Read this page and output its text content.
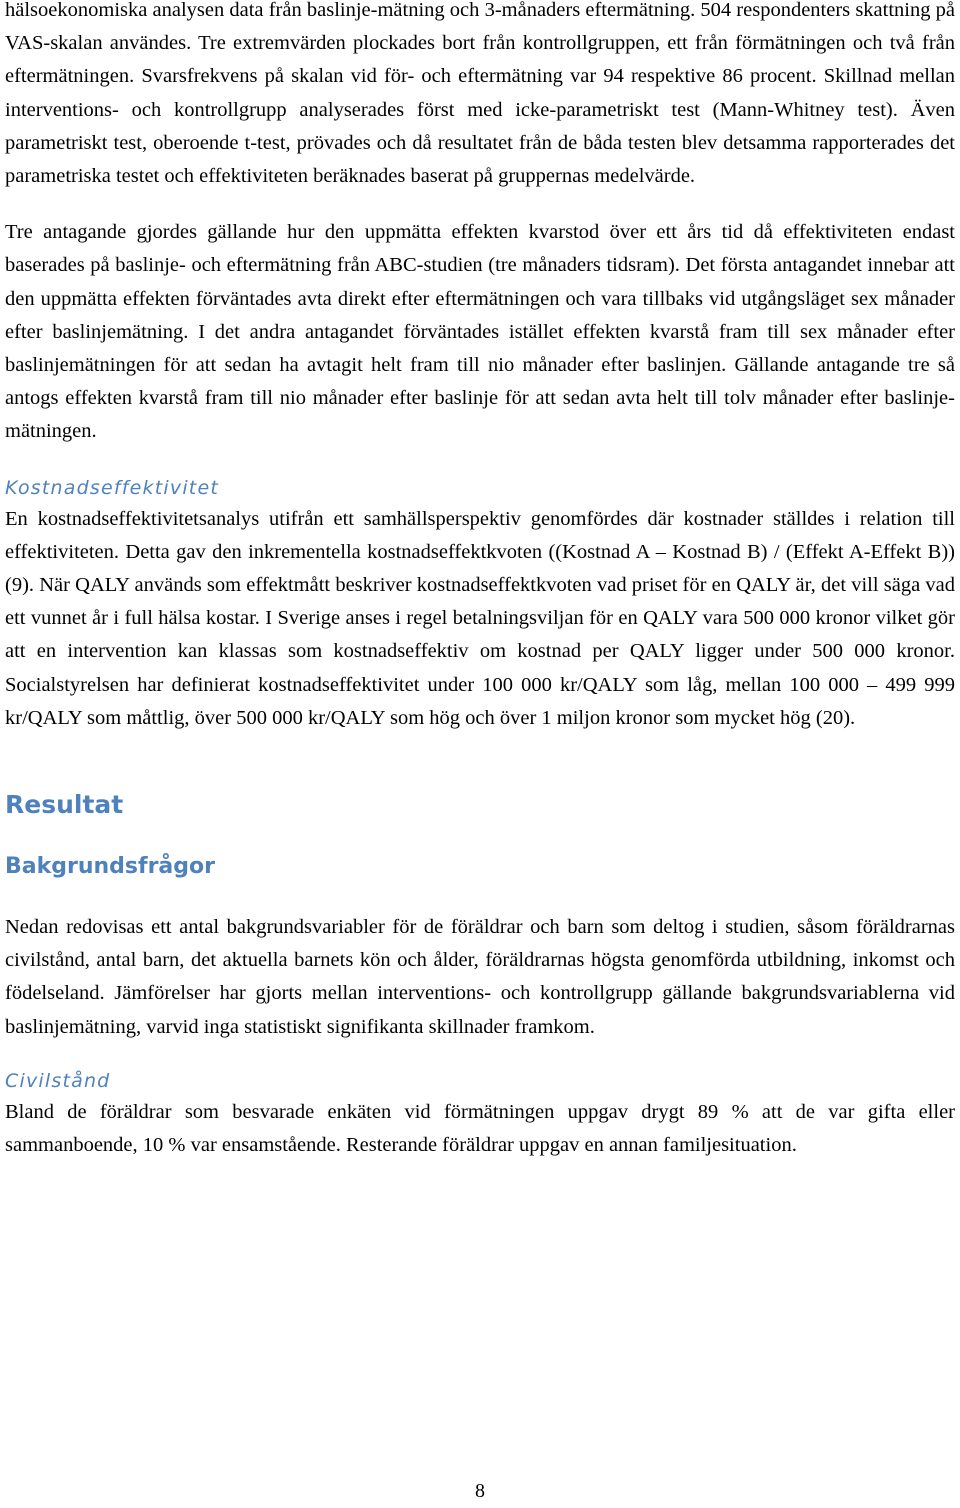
hälsoekonomiska analysen data från baslinje-mätning och 3-månaders eftermätning. 504 respondenters skattning på VAS-skalan användes. Tre extremvärden plockades bort från kontrollgruppen, ett från förmätningen och två från eftermätningen. Svarsfrekvens på skalan vid för- och eftermätning var 94 respektive 86 procent. Skillnad mellan interventions- och kontrollgrupp analyserades först med icke-parametriskt test (Mann-Whitney test). Även parametriskt test, oberoende t-test, prövades och då resultatet från de båda testen blev detsamma rapporterades det parametriska testet och effektiviteten beräknades baserat på gruppernas medelvärde.

Tre antagande gjordes gällande hur den uppmätta effekten kvarstod över ett års tid då effektiviteten endast baserades på baslinje- och eftermätning från ABC-studien (tre månaders tidsram). Det första antagandet innebar att den uppmätta effekten förväntades avta direkt efter eftermätningen och vara tillbaks vid utgångsläget sex månader efter baslinjemätning. I det andra antagandet förväntades istället effekten kvarstå fram till sex månader efter baslinjemätningen för att sedan ha avtagit helt fram till nio månader efter baslinjen. Gällande antagande tre så antogs effekten kvarstå fram till nio månader efter baslinje för att sedan avta helt till tolv månader efter baslinje-mätningen.

Kostnadseffektivitet

En kostnadseffektivitetsanalys utifrån ett samhällsperspektiv genomfördes där kostnader ställdes i relation till effektiviteten. Detta gav den inkrementella kostnadseffektkvoten ((Kostnad A – Kostnad B) / (Effekt A-Effekt B)) (9). När QALY används som effektmått beskriver kostnadseffektkvoten vad priset för en QALY är, det vill säga vad ett vunnet år i full hälsa kostar. I Sverige anses i regel betalningsviljan för en QALY vara 500 000 kronor vilket gör att en intervention kan klassas som kostnadseffektiv om kostnad per QALY ligger under 500 000 kronor. Socialstyrelsen har definierat kostnadseffektivitet under 100 000 kr/QALY som låg, mellan 100 000 – 499 999 kr/QALY som måttlig, över 500 000 kr/QALY som hög och över 1 miljon kronor som mycket hög (20).

Resultat
Bakgrundsfrågor

Nedan redovisas ett antal bakgrundsvariabler för de föräldrar och barn som deltog i studien, såsom föräldrarnas civilstånd, antal barn, det aktuella barnets kön och ålder, föräldrarnas högsta genomförda utbildning, inkomst och födelseland. Jämförelser har gjorts mellan interventions- och kontrollgrupp gällande bakgrundsvariablerna vid baslinjemätning, varvid inga statistiskt signifikanta skillnader framkom.

Civilstånd

Bland de föräldrar som besvarade enkäten vid förmätningen uppgav drygt 89 % att de var gifta eller sammanboende, 10 % var ensamstående. Resterande föräldrar uppgav en annan familjesituation.

8
